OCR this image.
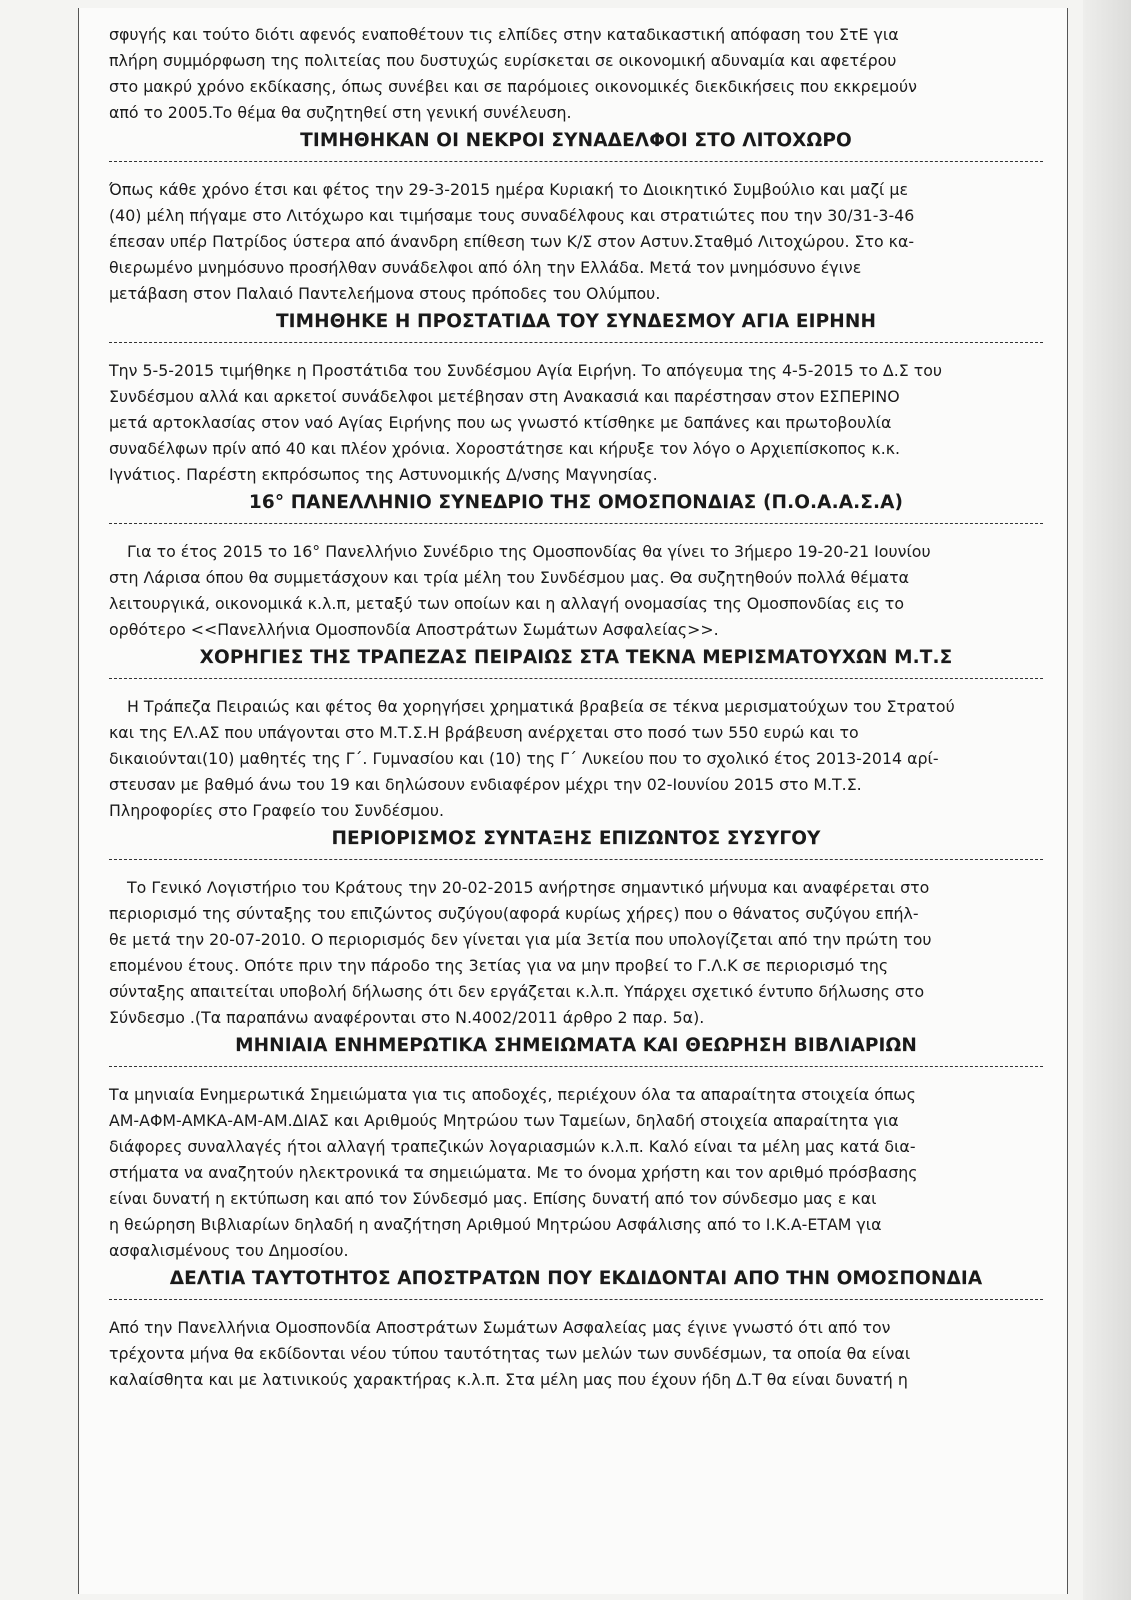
σφυγής και τούτο διότι αφενός εναποθέτουν τις ελπίδες στην καταδικαστική απόφαση του ΣτΕ για

πλήρη συμμόρφωση της πολιτείας που δυστυχώς ευρίσκεται σε οικονομική αδυναμία και αφετέρου

στο μακρύ χρόνο εκδίκασης, όπως συνέβει και σε παρόμοιες οικονομικές διεκδικήσεις που εκκρεμούν

από το 2005.Το θέμα θα συζητηθεί στη γενική συνέλευση.

ΤΙΜΗΘΗΚΑΝ ΟΙ ΝΕΚΡΟΙ ΣΥΝΑΔΕΛΦΟΙ ΣΤΟ ΛΙΤΟΧΩΡΟ

Όπως κάθε χρόνο έτσι και φέτος την 29-3-2015 ημέρα Κυριακή το Διοικητικό Συμβούλιο και μαζί με

(40) μέλη πήγαμε στο Λιτόχωρο και τιμήσαμε τους συναδέλφους και στρατιώτες που την 30/31-3-46

έπεσαν υπέρ Πατρίδος ύστερα από άνανδρη επίθεση των Κ/Σ στον Αστυν.Σταθμό Λιτοχώρου. Στο κα-

θιερωμένο μνημόσυνο προσήλθαν συνάδελφοι από όλη την Ελλάδα. Μετά τον μνημόσυνο έγινε

μετάβαση στον Παλαιό Παντελεήμονα στους πρόποδες του Ολύμπου.

ΤΙΜΗΘΗΚΕ Η ΠΡΟΣΤΑΤΙΔΑ ΤΟΥ ΣΥΝΔΕΣΜΟΥ ΑΓΙΑ ΕΙΡΗΝΗ

Την 5-5-2015 τιμήθηκε η Προστάτιδα του Συνδέσμου Αγία Ειρήνη. Το απόγευμα της 4-5-2015 το Δ.Σ του

Συνδέσμου αλλά και αρκετοί συνάδελφοι μετέβησαν στη Ανακασιά και παρέστησαν στον ΕΣΠΕΡΙΝΟ

μετά αρτοκλασίας στον ναό Αγίας Ειρήνης που ως γνωστό κτίσθηκε με δαπάνες και πρωτοβουλία

συναδέλφων πρίν από 40 και πλέον χρόνια. Χοροστάτησε και κήρυξε τον λόγο ο Αρχιεπίσκοπος κ.κ.

Ιγνάτιος. Παρέστη εκπρόσωπος της Αστυνομικής Δ/νσης Μαγνησίας.

16° ΠΑΝΕΛΛΗΝΙΟ ΣΥΝΕΔΡΙΟ ΤΗΣ ΟΜΟΣΠΟΝΔΙΑΣ (Π.Ο.Α.Α.Σ.Α)

Για το έτος 2015 το 16° Πανελλήνιο Συνέδριο της Ομοσπονδίας θα γίνει το 3ήμερο 19-20-21 Ιουνίου

στη Λάρισα όπου θα συμμετάσχουν και τρία μέλη του Συνδέσμου μας. Θα συζητηθούν πολλά θέματα

λειτουργικά, οικονομικά κ.λ.π, μεταξύ των οποίων και η αλλαγή ονομασίας της Ομοσπονδίας εις το

ορθότερο <<Πανελλήνια Ομοσπονδία Αποστράτων Σωμάτων Ασφαλείας>>.

ΧΟΡΗΓΙΕΣ ΤΗΣ ΤΡΑΠΕΖΑΣ ΠΕΙΡΑΙΩΣ ΣΤΑ ΤΕΚΝΑ ΜΕΡΙΣΜΑΤΟΥΧΩΝ Μ.Τ.Σ

Η Τράπεζα Πειραιώς και φέτος θα χορηγήσει χρηματικά βραβεία σε τέκνα μερισματούχων του Στρατού

και της ΕΛ.ΑΣ που υπάγονται στο Μ.Τ.Σ.Η βράβευση ανέρχεται στο ποσό των 550 ευρώ και το

δικαιούνται(10) μαθητές της Γ΄. Γυμνασίου και (10) της Γ΄ Λυκείου που το σχολικό έτος 2013-2014 αρί-

στευσαν με βαθμό άνω του 19 και δηλώσουν ενδιαφέρον μέχρι την 02-Ιουνίου 2015 στο Μ.Τ.Σ.

Πληροφορίες στο Γραφείο του Συνδέσμου.

ΠΕΡΙΟΡΙΣΜΟΣ ΣΥΝΤΑΞΗΣ ΕΠΙΖΩΝΤΟΣ ΣΥΣΥΓΟΥ

Το Γενικό Λογιστήριο του Κράτους την 20-02-2015 ανήρτησε σημαντικό μήνυμα και αναφέρεται στο

περιορισμό της σύνταξης του επιζώντος συζύγου(αφορά κυρίως χήρες) που ο θάνατος συζύγου επήλ-

θε μετά την 20-07-2010. Ο περιορισμός δεν γίνεται για μία 3ετία που υπολογίζεται από την πρώτη του

επομένου έτους. Οπότε πριν την πάροδο της 3ετίας για να μην προβεί το Γ.Λ.Κ σε περιορισμό της

σύνταξης απαιτείται υποβολή δήλωσης ότι δεν εργάζεται κ.λ.π. Υπάρχει σχετικό έντυπο δήλωσης στο

Σύνδεσμο .(Τα παραπάνω αναφέρονται στο Ν.4002/2011 άρθρο 2 παρ. 5α).

ΜΗΝΙΑΙΑ ΕΝΗΜΕΡΩΤΙΚΑ ΣΗΜΕΙΩΜΑΤΑ ΚΑΙ ΘΕΩΡΗΣΗ ΒΙΒΛΙΑΡΙΩΝ

Τα μηνιαία Ενημερωτικά Σημειώματα για τις αποδοχές, περιέχουν όλα τα απαραίτητα στοιχεία όπως

ΑΜ-ΑΦΜ-ΑΜΚΑ-ΑΜ-ΑΜ.ΔΙΑΣ και Αριθμούς Μητρώου των Ταμείων, δηλαδή στοιχεία απαραίτητα για

διάφορες συναλλαγές ήτοι αλλαγή τραπεζικών λογαριασμών κ.λ.π. Καλό είναι τα μέλη μας κατά δια-

στήματα να αναζητούν ηλεκτρονικά τα σημειώματα. Με το όνομα χρήστη και τον αριθμό πρόσβασης

είναι δυνατή η εκτύπωση και από τον Σύνδεσμό μας. Επίσης δυνατή από τον σύνδεσμο μας ε και

η θεώρηση Βιβλιαρίων δηλαδή η αναζήτηση Αριθμού Μητρώου Ασφάλισης από το Ι.Κ.Α-ΕΤΑΜ για

ασφαλισμένους του Δημοσίου.

ΔΕΛΤΙΑ ΤΑΥΤΟΤΗΤΟΣ ΑΠΟΣΤΡΑΤΩΝ ΠΟΥ ΕΚΔΙΔΟΝΤΑΙ ΑΠΟ ΤΗΝ ΟΜΟΣΠΟΝΔΙΑ

Από την Πανελλήνια Ομοσπονδία Αποστράτων Σωμάτων Ασφαλείας μας έγινε γνωστό ότι από τον

τρέχοντα μήνα θα εκδίδονται νέου τύπου ταυτότητας των μελών των συνδέσμων, τα οποία θα είναι

καλαίσθητα και με λατινικούς χαρακτήρας κ.λ.π. Στα μέλη μας που έχουν ήδη Δ.Τ θα είναι δυνατή η
